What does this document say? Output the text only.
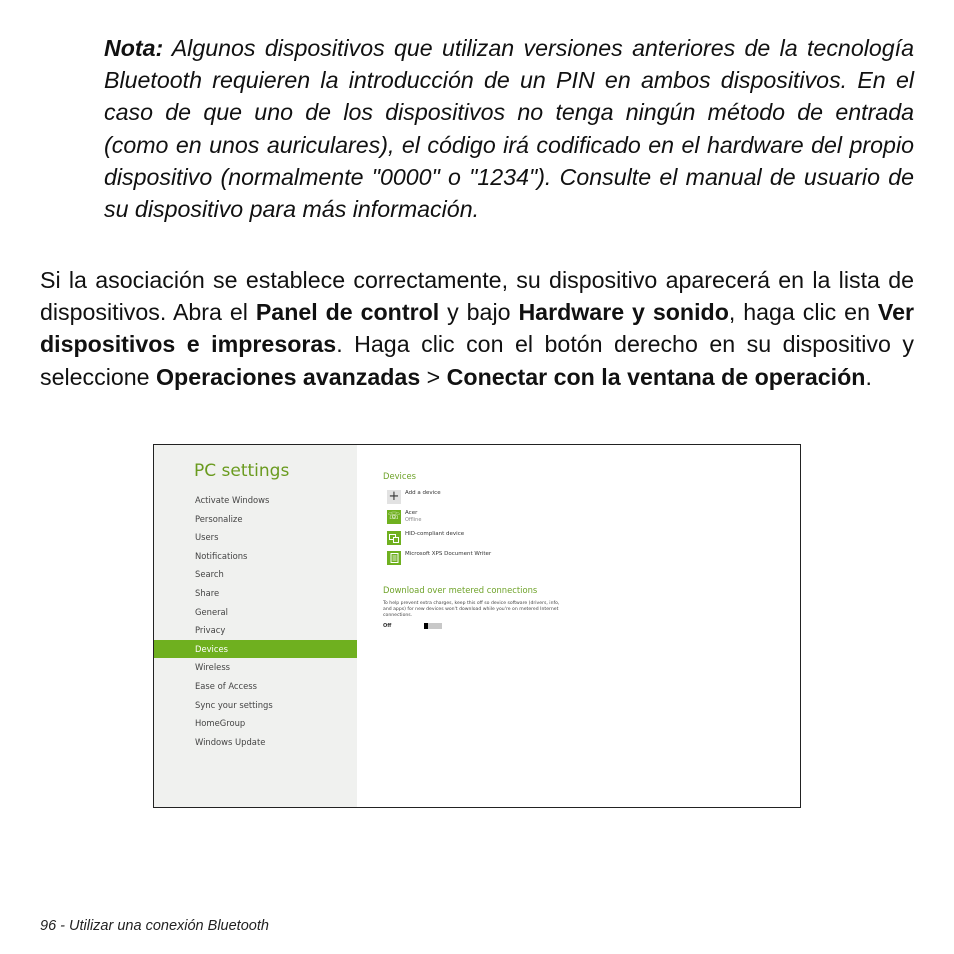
Nota: Algunos dispositivos que utilizan versiones anteriores de la tecnología Bluetooth requieren la introducción de un PIN en ambos dispositivos. En el caso de que uno de los dispositivos no tenga ningún método de entrada (como en unos auriculares), el código irá codificado en el hardware del propio dispositivo (normalmente "0000" o "1234"). Consulte el manual de usuario de su dispositivo para más información.

Si la asociación se establece correctamente, su dispositivo aparecerá en la lista de dispositivos. Abra el Panel de control y bajo Hardware y sonido, haga clic en Ver dispositivos e impresoras. Haga clic con el botón derecho en su dispositivo y seleccione Operaciones avanzadas > Conectar con la ventana de operación.

PC settings
Activate Windows
Personalize
Users
Notifications
Search
Share
General
Privacy
Devices
Wireless
Ease of Access
Sync your settings
HomeGroup
Windows Update
Devices
+ Add a device
☏ Acer
Offline
HID-compliant device
Microsoft XPS Document Writer
Download over metered connections
To help prevent extra charges, keep this off so device software (drivers, info, and apps) for new devices won't download while you're on metered Internet connections.
Off
96 - Utilizar una conexión Bluetooth
